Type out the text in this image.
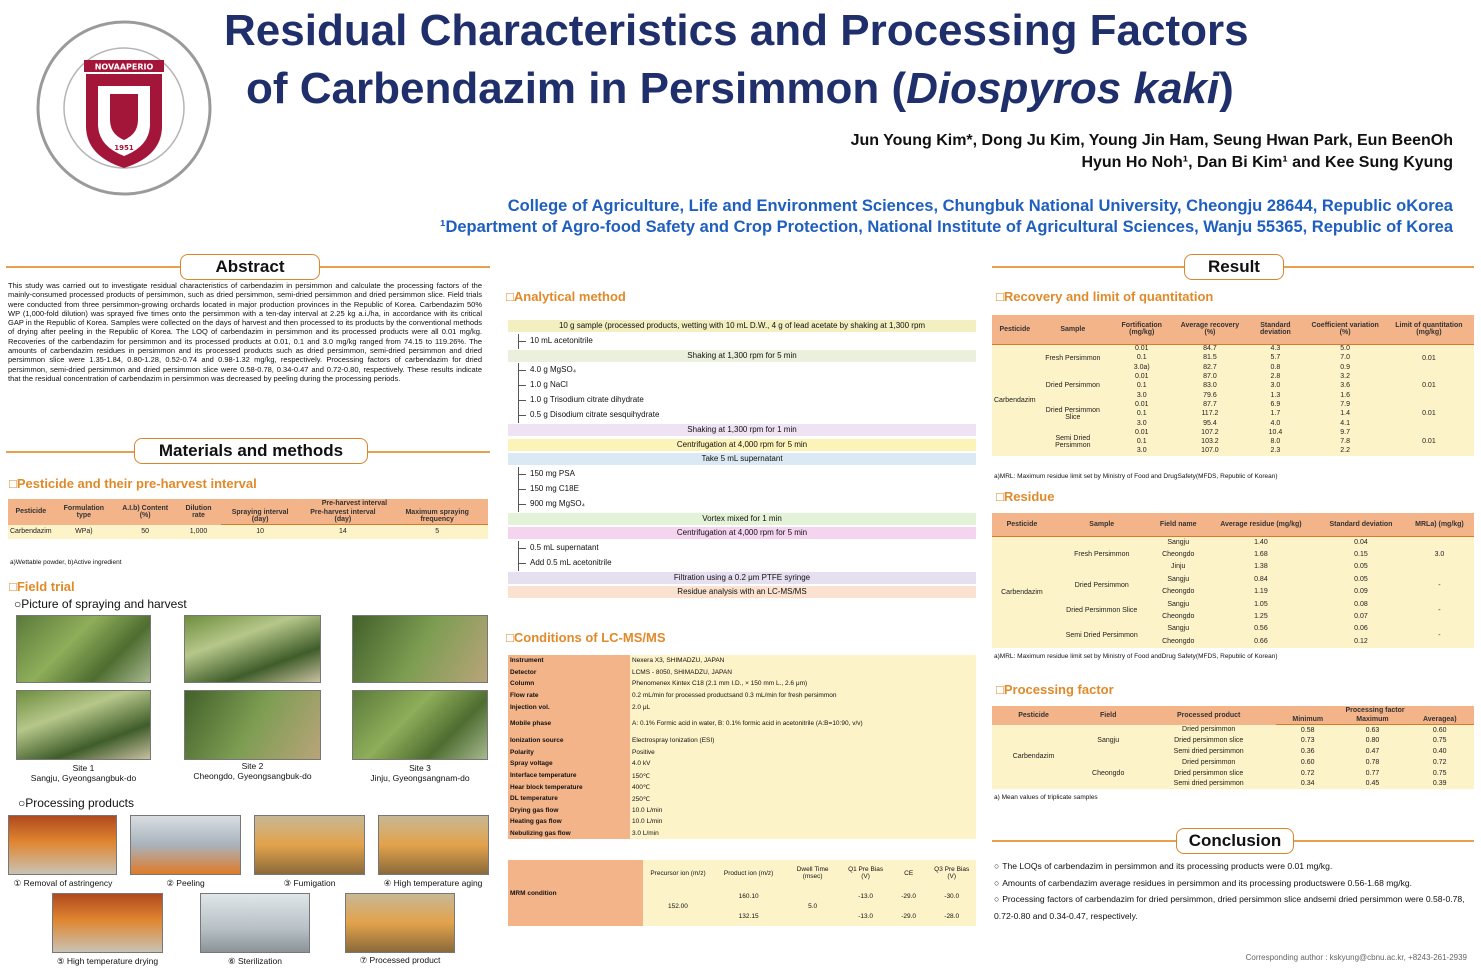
NOVAAPERIO
1951
Residual Characteristics and Processing Factors
of Carbendazim in Persimmon (Diospyros kaki)
Jun Young Kim*, Dong Ju Kim, Young Jin Ham, Seung Hwan Park, Eun BeenOh
Hyun Ho Noh¹, Dan Bi Kim¹ and Kee Sung Kyung
College of Agriculture, Life and Environment Sciences, Chungbuk National University, Cheongju 28644, Republic oKorea
¹Department of Agro-food Safety and Crop Protection, National Institute of Agricultural Sciences, Wanju 55365, Republic of Korea
Abstract
This study was carried out to investigate residual characteristics of carbendazim in persimmon and calculate the processing factors of the mainly-consumed processed products of persimmon, such as dried persimmon, semi-dried persimmon and dried persimmon slice. Field trials were conducted from three persimmon-growing orchards located in major production provinces in the Republic of Korea. Carbendazim 50% WP (1,000-fold dilution) was sprayed five times onto the persimmon with a ten-day interval at 2.25 kg a.i./ha, in accordance with its critical GAP in the Republic of Korea. Samples were collected on the days of harvest and then processed to its products by the conventional methods of drying after peeling in the Republic of Korea. The LOQ of carbendazim in persimmon and its processed products were all 0.01 mg/kg. Recoveries of the carbendazim for persimmon and its processed products at 0.01, 0.1 and 3.0 mg/kg ranged from 74.15 to 119.26%. The amounts of carbendazim residues in persimmon and its processed products such as dried persimmon, semi-dried persimmon and dried persimmon slice were 1.35-1.84, 0.80-1.28, 0.52-0.74 and 0.98-1.32 mg/kg, respectively. Processing factors of carbendazim for dried persimmon, semi-dried persimmon and dried persimmon slice were 0.58-0.78, 0.34-0.47 and 0.72-0.80, respectively. These results indicate that the residual concentration of carbendazim in persimmon was decreased by peeling during the processing periods.
Materials and methods
□Pesticide and their pre-harvest interval
Pesticide	Formulation type	A.I.b) Content (%)	Dilution rate	Pre-harvest interval		
				Spraying interval (day)	Pre-harvest interval (day)	Maximum spraying frequency
Carbendazim	WPa)	50	1,000	10	14	5
a)Wettable powder, b)Active ingredient
□Field trial
○Picture of spraying and harvest
Site 1
Sangju, Gyeongsangbuk-do
Site 2
Cheongdo, Gyeongsangbuk-do
Site 3
Jinju, Gyeongsangnam-do
○Processing products
① Removal of astringency	② Peeling	③ Fumigation	④ High temperature aging
⑤ High temperature drying	⑥ Sterilization	⑦ Processed product
□Analytical method
10 g sample (processed products, wetting with 10 mL D.W., 4 g of lead acetate by shaking at 1,300 rpm
10 mL acetonitrile
Shaking at 1,300 rpm for 5 min
4.0 g MgSO₄
1.0 g NaCl
1.0 g Trisodium citrate dihydrate
0.5 g Disodium citrate sesquihydrate
Shaking at 1,300 rpm for 1 min
Centrifugation at 4,000 rpm for 5 min
Take 5 mL supernatant
150 mg PSA
150 mg C18E
900 mg MgSO₄
Vortex mixed for 1 min
Centrifugation at 4,000 rpm for 5 min
0.5 mL supernatant
Add 0.5 mL acetonitrile
Filtration using a 0.2 μm PTFE syringe
Residue analysis with an LC-MS/MS
□Conditions of LC-MS/MS
Instrument	Nexera X3, SHIMADZU, JAPAN
Detector	LCMS - 8050, SHIMADZU, JAPAN
Column	Phenomenex Kintex C18 (2.1 mm I.D., × 150 mm L., 2.6 μm)
Flow rate	0.2 mL/min for processed productsand 0.3 mL/min for fresh persimmon
Injection vol.	2.0 μL
Mobile phase	A: 0.1% Formic acid in water, B: 0.1% formic acid in acetonitrile (A:B=10:90, v/v)
Ionization source	Electrospray Ionization (ESI)
Polarity	Positive
Spray voltage	4.0 kV
Interface temperature	150℃
Hear block temperature	400℃
DL temperature	250℃
Drying gas flow	10.0 L/min
Heating gas flow	10.0 L/min
Nebulizing gas flow	3.0 L/min
MRM condition	Precursor ion (m/z)	Product ion (m/z)	Dwell Time (msec)	Q1 Pre Bias (V)	CE	Q3 Pre Bias (V)
	152.00	160.10	5.0	-13.0	-29.0	-30.0
		132.15		-13.0	-29.0	-28.0
Result
□Recovery and limit of quantitation
Pesticide	Sample	Fortification (mg/kg)	Average recovery (%)	Standard deviation	Coefficient variation (%)	Limit of quantitation (mg/kg)
Carbendazim	Fresh Persimmon	0.01	84.7	4.3	5.0	0.01
		0.1	81.5	5.7	7.0	
		3.0a)	82.7	0.8	0.9	
	Dried Persimmon	0.01	87.0	2.8	3.2	0.01
		0.1	83.0	3.0	3.6	
		3.0	79.6	1.3	1.6	
	Dried Persimmon Slice	0.01	87.7	6.9	7.9	0.01
		0.1	117.2	1.7	1.4	
		3.0	95.4	4.0	4.1	
	Semi Dried Persimmon	0.01	107.2	10.4	9.7	0.01
		0.1	103.2	8.0	7.8	
		3.0	107.0	2.3	2.2	
a)MRL: Maximum residue limit set by Ministry of Food and DrugSafety(MFDS, Republic of Korean)
□Residue
Pesticide	Sample	Field name	Average residue (mg/kg)	Standard deviation	MRLa) (mg/kg)
Carbendazim	Fresh Persimmon	Sangju	1.40	0.04	3.0
		Cheongdo	1.68	0.15	
		Jinju	1.38	0.05	
	Dried Persimmon	Sangju	0.84	0.05	-
		Cheongdo	1.19	0.09	
	Dried Persimmon Slice	Sangju	1.05	0.08	-
		Cheongdo	1.25	0.07	
	Semi Dried Persimmon	Sangju	0.56	0.06	-
		Cheongdo	0.66	0.12	
a)MRL: Maximum residue limit set by Ministry of Food andDrug Safety(MFDS, Republic of Korean)
□Processing factor
Pesticide	Field	Processed product	Processing factor		
			Minimum	Maximum	Averagea)
Carbendazim	Sangju	Dried persimmon	0.58	0.63	0.60
		Dried persimmon slice	0.73	0.80	0.75
		Semi dried persimmon	0.36	0.47	0.40
	Cheongdo	Dried persimmon	0.60	0.78	0.72
		Dried persimmon slice	0.72	0.77	0.75
		Semi dried persimmon	0.34	0.45	0.39
a) Mean values of triplicate samples
Conclusion
○ The LOQs of carbendazim in persimmon and its processing products were 0.01 mg/kg.
○ Amounts of carbendazim average residues in persimmon and its processing productswere 0.56-1.68 mg/kg.
○ Processing factors of carbendazim for dried persimmon, dried persimmon slice andsemi dried persimmon were 0.58-0.78, 0.72-0.80 and 0.34-0.47, respectively.
Corresponding author : kskyung@cbnu.ac.kr, +8243-261-2939
